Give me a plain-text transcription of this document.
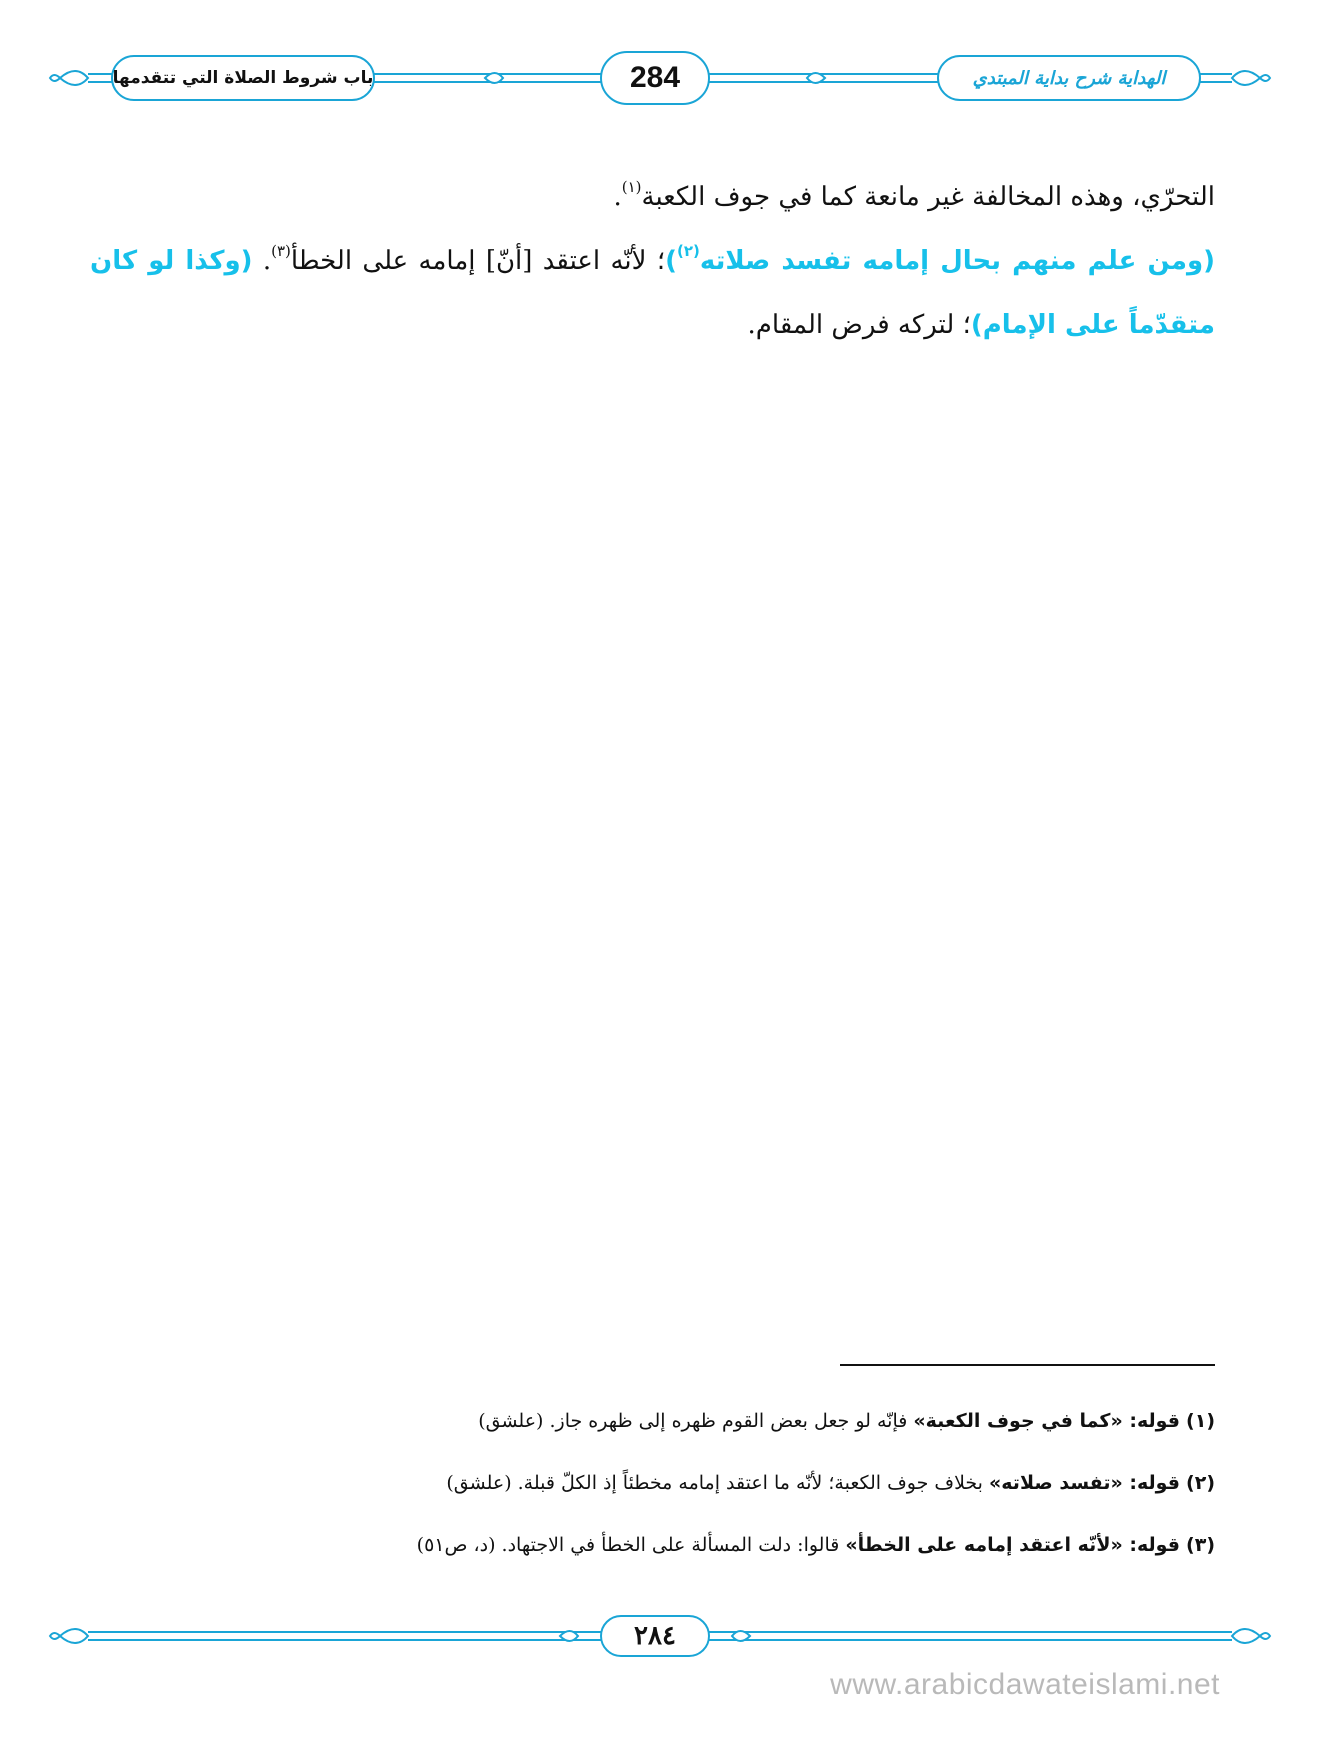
باب شروط الصلاة التي تتقدمها	284	الهداية شرح بداية المبتدي

التحرّي، وهذه المخالفة غير مانعة كما في جوف الكعبة$^{(١)}$.

(ومن علم منهم بحال إمامه تفسد صلاته$^{(٢)}$)؛ لأنّه اعتقد [أنّ] إمامه على الخطأ$^{(٣)}$. (وكذا لو كان متقدّماً على الإمام)؛ لتركه فرض المقام.

(١) قوله: «كما في جوف الكعبة» فإنّه لو جعل بعض القوم ظهره إلى ظهره جاز. (علشق)
(٢) قوله: «تفسد صلاته» بخلاف جوف الكعبة؛ لأنّه ما اعتقد إمامه مخطئاً إذ الكلّ قبلة. (علشق)
(٣) قوله: «لأنّه اعتقد إمامه على الخطأ» قالوا: دلت المسألة على الخطأ في الاجتهاد. (د، ص٥١)
٢٨٤
www.arabicdawateislami.net
